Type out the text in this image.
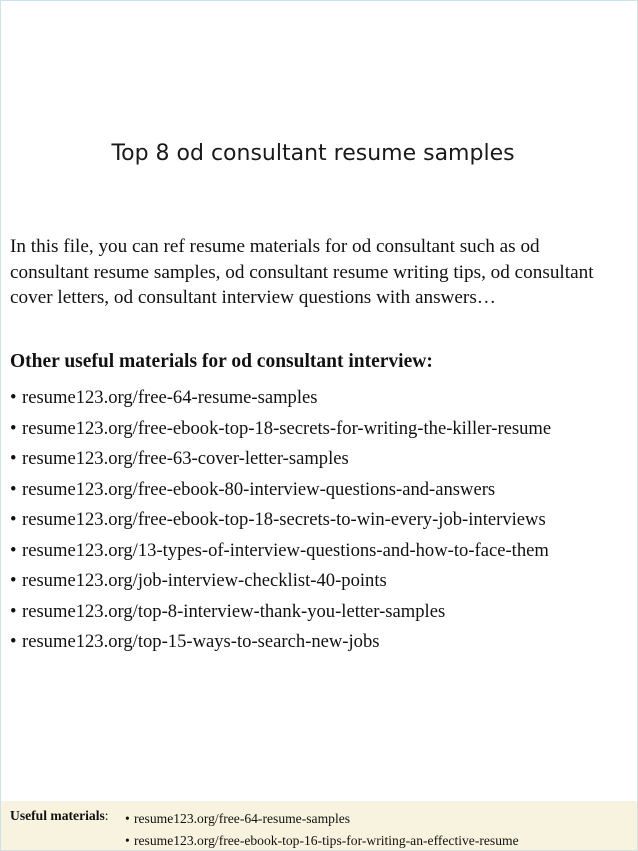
Top 8 od consultant resume samples
In this file, you can ref resume materials for od consultant such as od consultant resume samples, od consultant resume writing tips, od consultant cover letters, od consultant interview questions with answers…
Other useful materials for od consultant interview:
• resume123.org/free-64-resume-samples
• resume123.org/free-ebook-top-18-secrets-for-writing-the-killer-resume
• resume123.org/free-63-cover-letter-samples
• resume123.org/free-ebook-80-interview-questions-and-answers
• resume123.org/free-ebook-top-18-secrets-to-win-every-job-interviews
• resume123.org/13-types-of-interview-questions-and-how-to-face-them
• resume123.org/job-interview-checklist-40-points
• resume123.org/top-8-interview-thank-you-letter-samples
• resume123.org/top-15-ways-to-search-new-jobs
Useful materials: • resume123.org/free-64-resume-samples
• resume123.org/free-ebook-top-16-tips-for-writing-an-effective-resume
